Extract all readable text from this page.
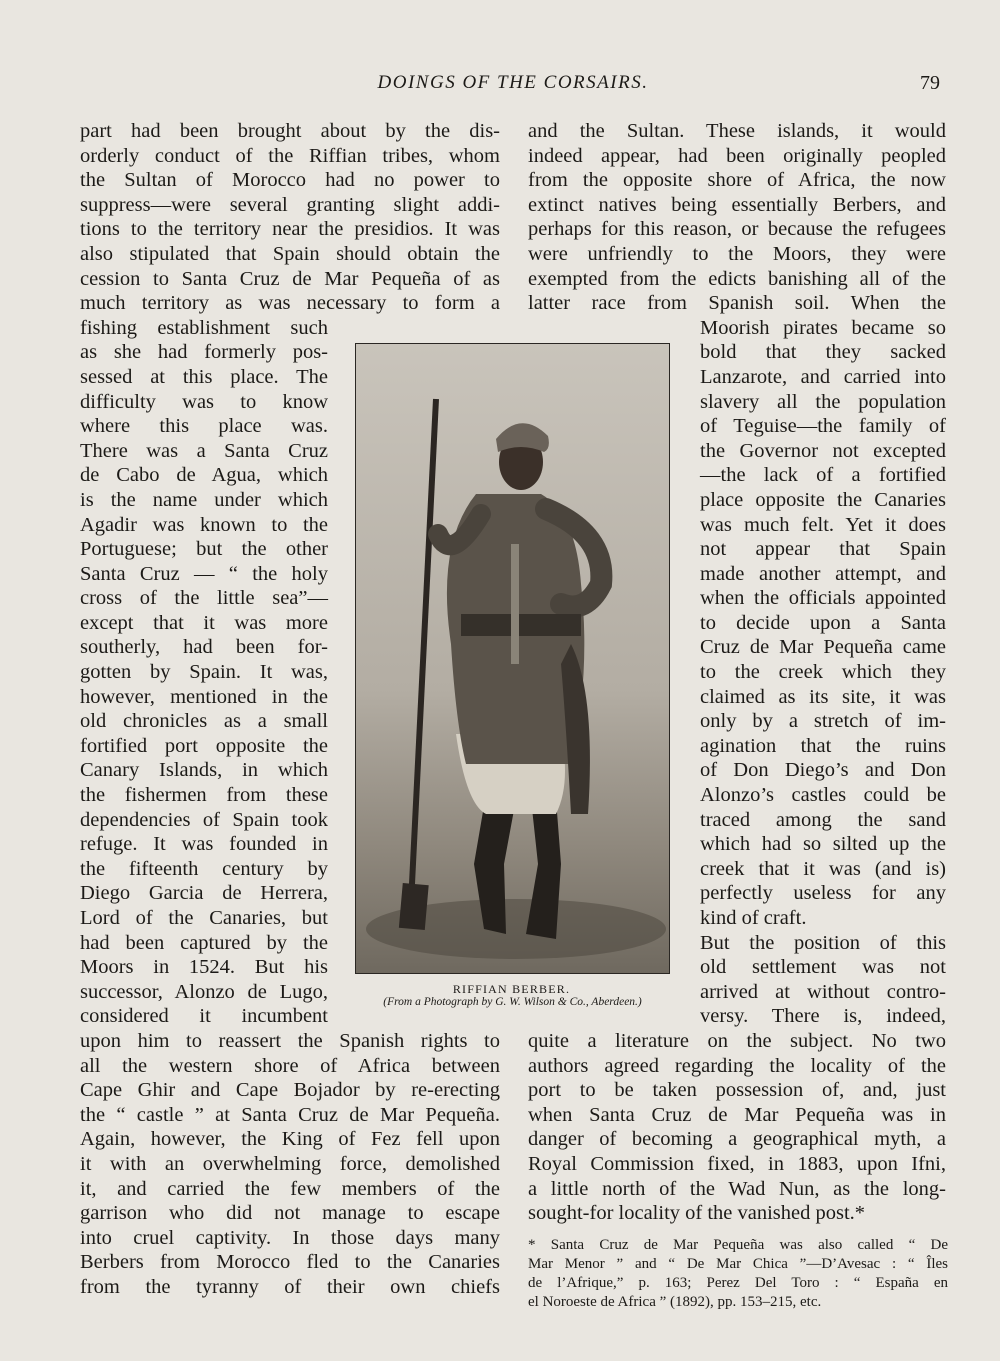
DOINGS OF THE CORSAIRS.	79
part had been brought about by the dis-
orderly conduct of the Riffian tribes, whom
the Sultan of Morocco had no power to
suppress—were several granting slight addi-
tions to the territory near the presidios. It was
also stipulated that Spain should obtain the
cession to Santa Cruz de Mar Pequeña of as
much territory as was necessary to form a
fishing establishment such
as she had formerly pos-
sessed at this place. The
difficulty was to know
where this place was.
There was a Santa Cruz
de Cabo de Agua, which
is the name under which
Agadir was known to the
Portuguese; but the other
Santa Cruz — “ the holy
cross of the little sea”—
except that it was more
southerly, had been for-
gotten by Spain. It was,
however, mentioned in the
old chronicles as a small
fortified port opposite the
Canary Islands, in which
the fishermen from these
dependencies of Spain took
refuge. It was founded in
the fifteenth century by
Diego Garcia de Herrera,
Lord of the Canaries, but
had been captured by the
Moors in 1524. But his
successor, Alonzo de Lugo,
considered it incumbent
upon him to reassert the Spanish rights to
all the western shore of Africa between
Cape Ghir and Cape Bojador by re-erecting
the “ castle ” at Santa Cruz de Mar Pequeña.
Again, however, the King of Fez fell upon
it with an overwhelming force, demolished
it, and carried the few members of the
garrison who did not manage to escape
into cruel captivity. In those days many
Berbers from Morocco fled to the Canaries
from the tyranny of their own chiefs
and the Sultan. These islands, it would
indeed appear, had been originally peopled
from the opposite shore of Africa, the now
extinct natives being essentially Berbers, and
perhaps for this reason, or because the refugees
were unfriendly to the Moors, they were
exempted from the edicts banishing all of the
latter race from Spanish soil. When the
Moorish pirates became so
bold that they sacked
Lanzarote, and carried into
slavery all the population
of Teguise—the family of
the Governor not excepted
—the lack of a fortified
place opposite the Canaries
was much felt. Yet it does
not appear that Spain
made another attempt, and
when the officials appointed
to decide upon a Santa
Cruz de Mar Pequeña came
to the creek which they
claimed as its site, it was
only by a stretch of im-
agination that the ruins
of Don Diego’s and Don
Alonzo’s castles could be
traced among the sand
which had so silted up the
creek that it was (and is)
perfectly useless for any
kind of craft.
But the position of this
old settlement was not
arrived at without contro-
versy. There is, indeed,
quite a literature on the subject. No two
authors agreed regarding the locality of the
port to be taken possession of, and, just
when Santa Cruz de Mar Pequeña was in
danger of becoming a geographical myth, a
Royal Commission fixed, in 1883, upon Ifni,
a little north of the Wad Nun, as the long-
sought-for locality of the vanished post.*
RIFFIAN BERBER.
(From a Photograph by G. W. Wilson & Co., Aberdeen.)
* Santa Cruz de Mar Pequeña was also called “ De
Mar Menor ” and “ De Mar Chica ”—D’Avesac : “ Îles
de l’Afrique,” p. 163; Perez Del Toro : “ España en
el Noroeste de Africa ” (1892), pp. 153–215, etc.
